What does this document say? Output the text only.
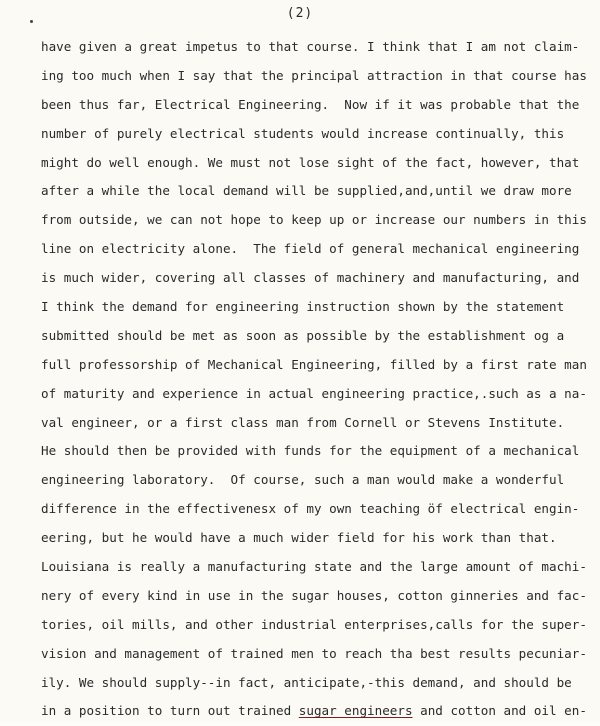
(2)
have given a great impetus to that course. I think that I am not claim-
ing too much when I say that the principal attraction in that course has
been thus far, Electrical Engineering.  Now if it was probable that the
number of purely electrical students would increase continually, this
might do well enough. We must not lose sight of the fact, however, that
after a while the local demand will be supplied,and,until we draw more
from outside, we can not hope to keep up or increase our numbers in this
line on electricity alone.  The field of general mechanical engineering
is much wider, covering all classes of machinery and manufacturing, and
I think the demand for engineering instruction shown by the statement
submitted should be met as soon as possible by the establishment og a
full professorship of Mechanical Engineering, filled by a first rate man
of maturity and experience in actual engineering practice,.such as a na-
val engineer, or a first class man from Cornell or Stevens Institute.
He should then be provided with funds for the equipment of a mechanical
engineering laboratory.  Of course, such a man would make a wonderful
difference in the effectivenesx of my own teaching öf electrical engin-
eering, but he would have a much wider field for his work than that.
Louisiana is really a manufacturing state and the large amount of machi-
nery of every kind in use in the sugar houses, cotton ginneries and fac-
tories, oil mills, and other industrial enterprises,calls for the super-
vision and management of trained men to reach tha best results pecuniar-
ily. We should supply--in fact, anticipate,-this demand, and should be
in a position to turn out trained sugar engineers and cotton and oil en-
